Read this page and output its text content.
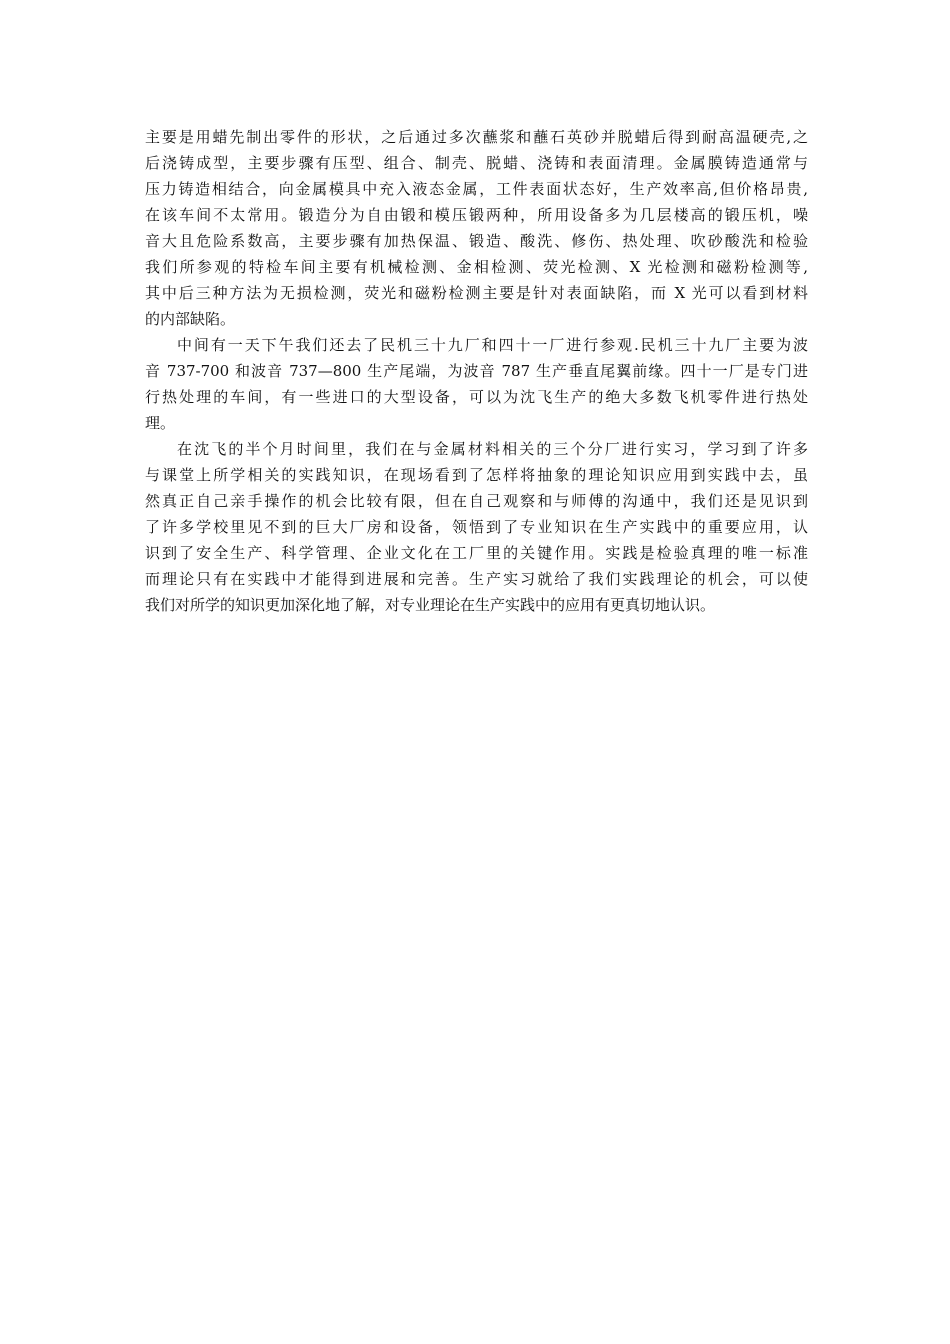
主要是用蜡先制出零件的形状，之后通过多次蘸浆和蘸石英砂并脱蜡后得到耐高温硬壳,之
后浇铸成型，主要步骤有压型、组合、制壳、脱蜡、浇铸和表面清理。金属膜铸造通常与
压力铸造相结合，向金属模具中充入液态金属，工件表面状态好，生产效率高,但价格昂贵,
在该车间不太常用。锻造分为自由锻和模压锻两种，所用设备多为几层楼高的锻压机，噪
音大且危险系数高，主要步骤有加热保温、锻造、酸洗、修伤、热处理、吹砂酸洗和检验
我们所参观的特检车间主要有机械检测、金相检测、荧光检测、X 光检测和磁粉检测等,
其中后三种方法为无损检测，荧光和磁粉检测主要是针对表面缺陷，而 X 光可以看到材料
的内部缺陷。
中间有一天下午我们还去了民机三十九厂和四十一厂进行参观.民机三十九厂主要为波
音 737-700 和波音 737—800 生产尾端，为波音 787 生产垂直尾翼前缘。四十一厂是专门进
行热处理的车间，有一些进口的大型设备，可以为沈飞生产的绝大多数飞机零件进行热处
理。
在沈飞的半个月时间里，我们在与金属材料相关的三个分厂进行实习，学习到了许多
与课堂上所学相关的实践知识，在现场看到了怎样将抽象的理论知识应用到实践中去，虽
然真正自己亲手操作的机会比较有限，但在自己观察和与师傅的沟通中，我们还是见识到
了许多学校里见不到的巨大厂房和设备，领悟到了专业知识在生产实践中的重要应用，认
识到了安全生产、科学管理、企业文化在工厂里的关键作用。实践是检验真理的唯一标准
而理论只有在实践中才能得到进展和完善。生产实习就给了我们实践理论的机会，可以使
我们对所学的知识更加深化地了解，对专业理论在生产实践中的应用有更真切地认识。
